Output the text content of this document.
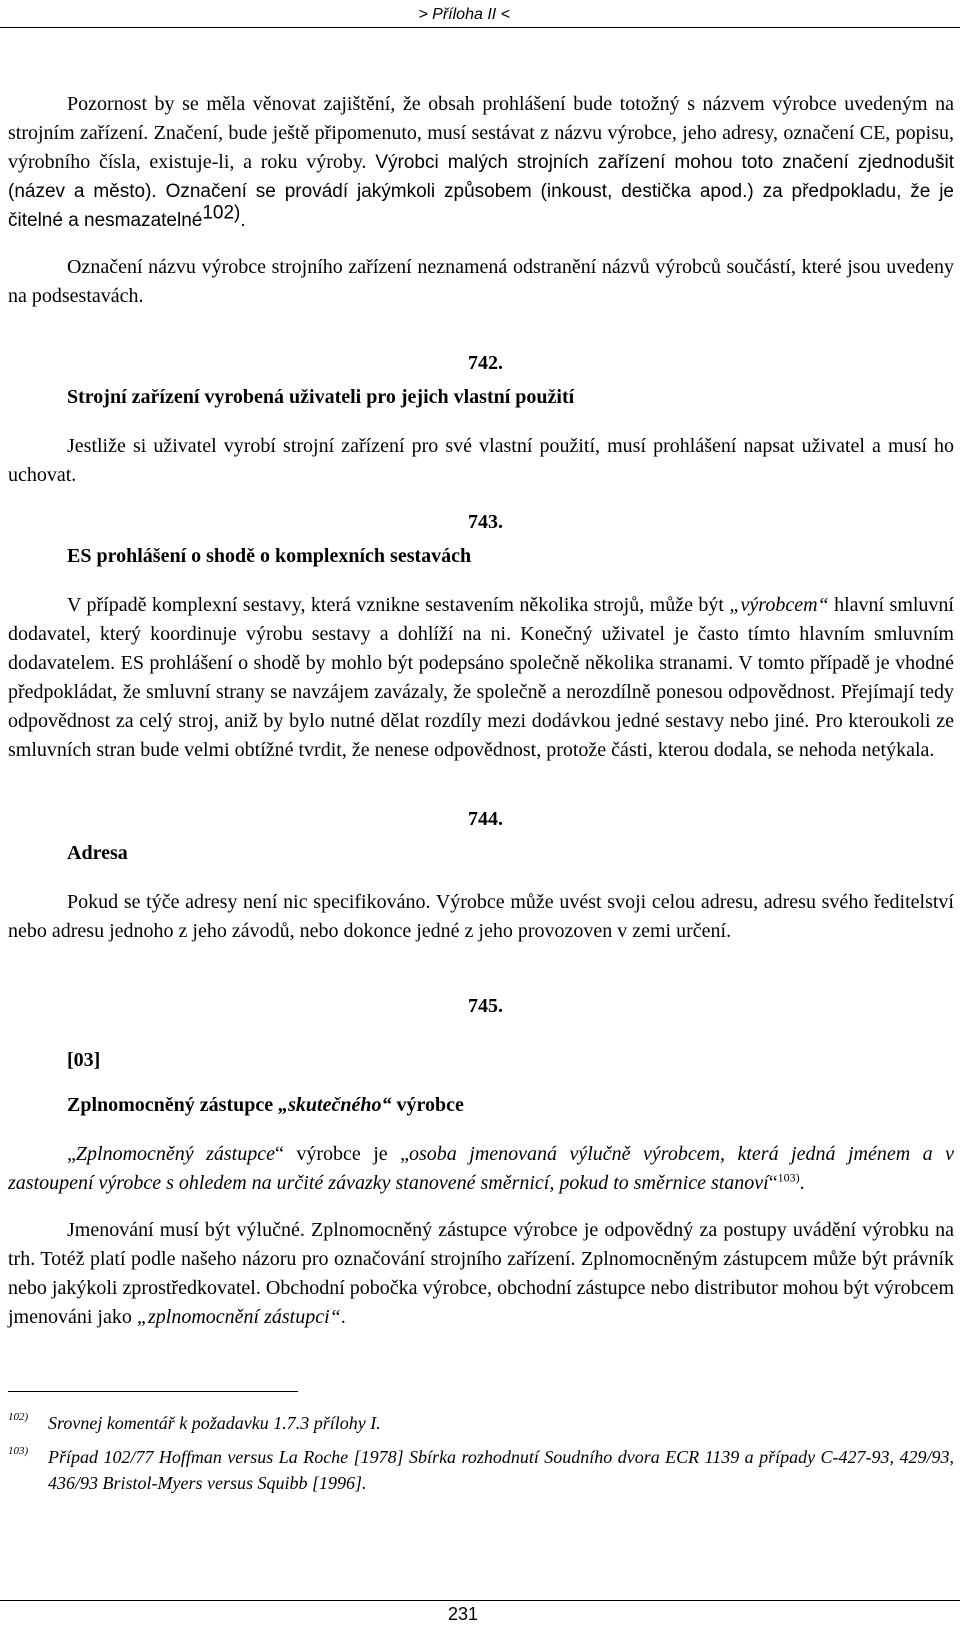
> Příloha II <

Pozornost by se měla věnovat zajištění, že obsah prohlášení bude totožný s názvem výrobce uvedeným na strojním zařízení. Značení, bude ještě připomenuto, musí sestávat z názvu výrobce, jeho adresy, označení CE, popisu, výrobního čísla, existuje-li, a roku výroby. Výrobci malých strojních zařízení mohou toto značení zjednodušit (název a město). Označení se provádí jakýmkoli způsobem (inkoust, destička apod.) za předpokladu, že je čitelné a nesmazatelné$^{102)}$.

Označení názvu výrobce strojního zařízení neznamená odstranění názvů výrobců součástí, které jsou uvedeny na podsestavách.

742.
Strojní zařízení vyrobená uživateli pro jejich vlastní použití

Jestliže si uživatel vyrobí strojní zařízení pro své vlastní použití, musí prohlášení napsat uživatel a musí ho uchovat.

743.
ES prohlášení o shodě o komplexních sestavách

V případě komplexní sestavy, která vznikne sestavením několika strojů, může být „výrobcem“ hlavní smluvní dodavatel, který koordinuje výrobu sestavy a dohlíží na ni. Konečný uživatel je často tímto hlavním smluvním dodavatelem. ES prohlášení o shodě by mohlo být podepsáno společně několika stranami. V tomto případě je vhodné předpokládat, že smluvní strany se navzájem zavázaly, že společně a nerozdílně ponesou odpovědnost. Přejímají tedy odpovědnost za celý stroj, aniž by bylo nutné dělat rozdíly mezi dodávkou jedné sestavy nebo jiné. Pro kteroukoli ze smluvních stran bude velmi obtížné tvrdit, že nenese odpovědnost, protože části, kterou dodala, se nehoda netýkala.

744.
Adresa

Pokud se týče adresy není nic specifikováno. Výrobce může uvést svoji celou adresu, adresu svého ředitelství nebo adresu jednoho z jeho závodů, nebo dokonce jedné z jeho provozoven v zemi určení.

745.
[03]
Zplnomocněný zástupce „skutečného“ výrobce

„Zplnomocněný zástupce“ výrobce je „osoba jmenovaná výlučně výrobcem, která jedná jménem a v zastoupení výrobce s ohledem na určité závazky stanovené směrnicí, pokud to směrnice stanoví“$^{103)}$.

Jmenování musí být výlučné. Zplnomocněný zástupce výrobce je odpovědný za postupy uvádění výrobku na trh. Totéž platí podle našeho názoru pro označování strojního zařízení. Zplnomocněným zástupcem může být právník nebo jakýkoli zprostředkovatel. Obchodní pobočka výrobce, obchodní zástupce nebo distributor mohou být výrobcem jmenováni jako „zplnomocnění zástupci“.

102) Srovnej komentář k požadavku 1.7.3 přílohy I.
103) Případ 102/77 Hoffman versus La Roche [1978] Sbírka rozhodnutí Soudního dvora ECR 1139 a případy C-427-93, 429/93, 436/93 Bristol-Myers versus Squibb [1996].
231
